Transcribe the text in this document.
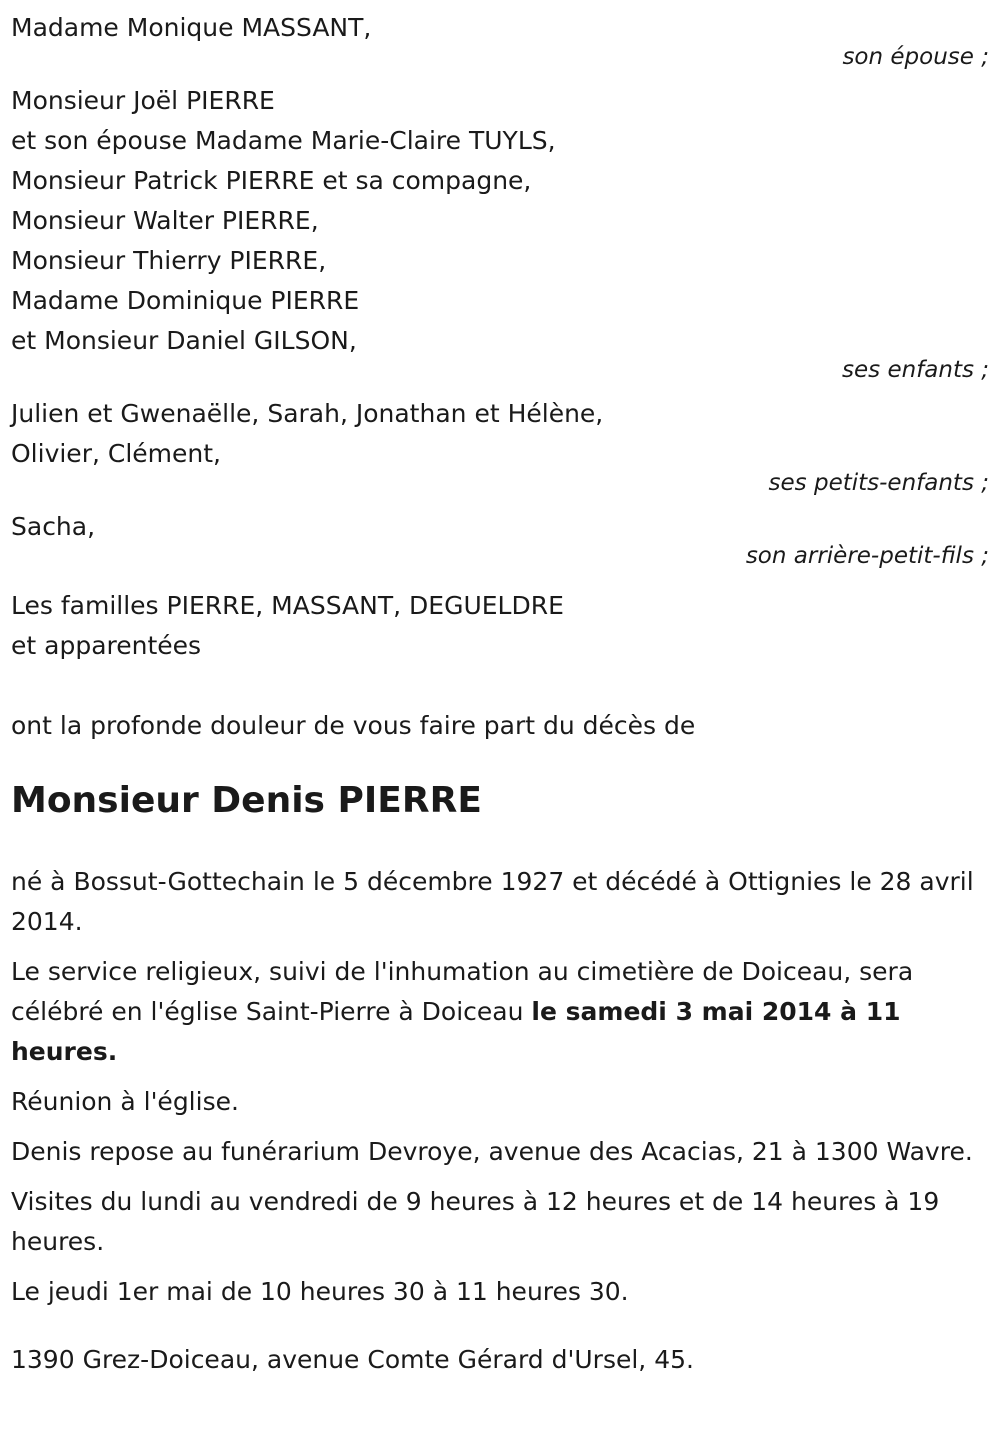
Madame Monique MASSANT,
son épouse ;
Monsieur Joël PIERRE
et son épouse Madame Marie-Claire TUYLS,
Monsieur Patrick PIERRE et sa compagne,
Monsieur Walter PIERRE,
Monsieur Thierry PIERRE,
Madame Dominique PIERRE
et Monsieur Daniel GILSON,
ses enfants ;
Julien et Gwenaëlle, Sarah, Jonathan et Hélène,
Olivier, Clément,
ses petits-enfants ;
Sacha,
son arrière-petit-fils ;
Les familles PIERRE, MASSANT, DEGUELDRE
et apparentées
ont la profonde douleur de vous faire part du décès de
Monsieur Denis PIERRE
né à Bossut-Gottechain le 5 décembre 1927 et décédé à Ottignies le 28 avril 2014.
Le service religieux, suivi de l'inhumation au cimetière de Doiceau, sera célébré en l'église Saint-Pierre à Doiceau le samedi 3 mai 2014 à 11 heures.
Réunion à l'église.
Denis repose au funérarium Devroye, avenue des Acacias, 21 à 1300 Wavre.
Visites du lundi au vendredi de 9 heures à 12 heures et de 14 heures à 19 heures.
Le jeudi 1er mai de 10 heures 30 à 11 heures 30.
1390 Grez-Doiceau, avenue Comte Gérard d'Ursel, 45.
